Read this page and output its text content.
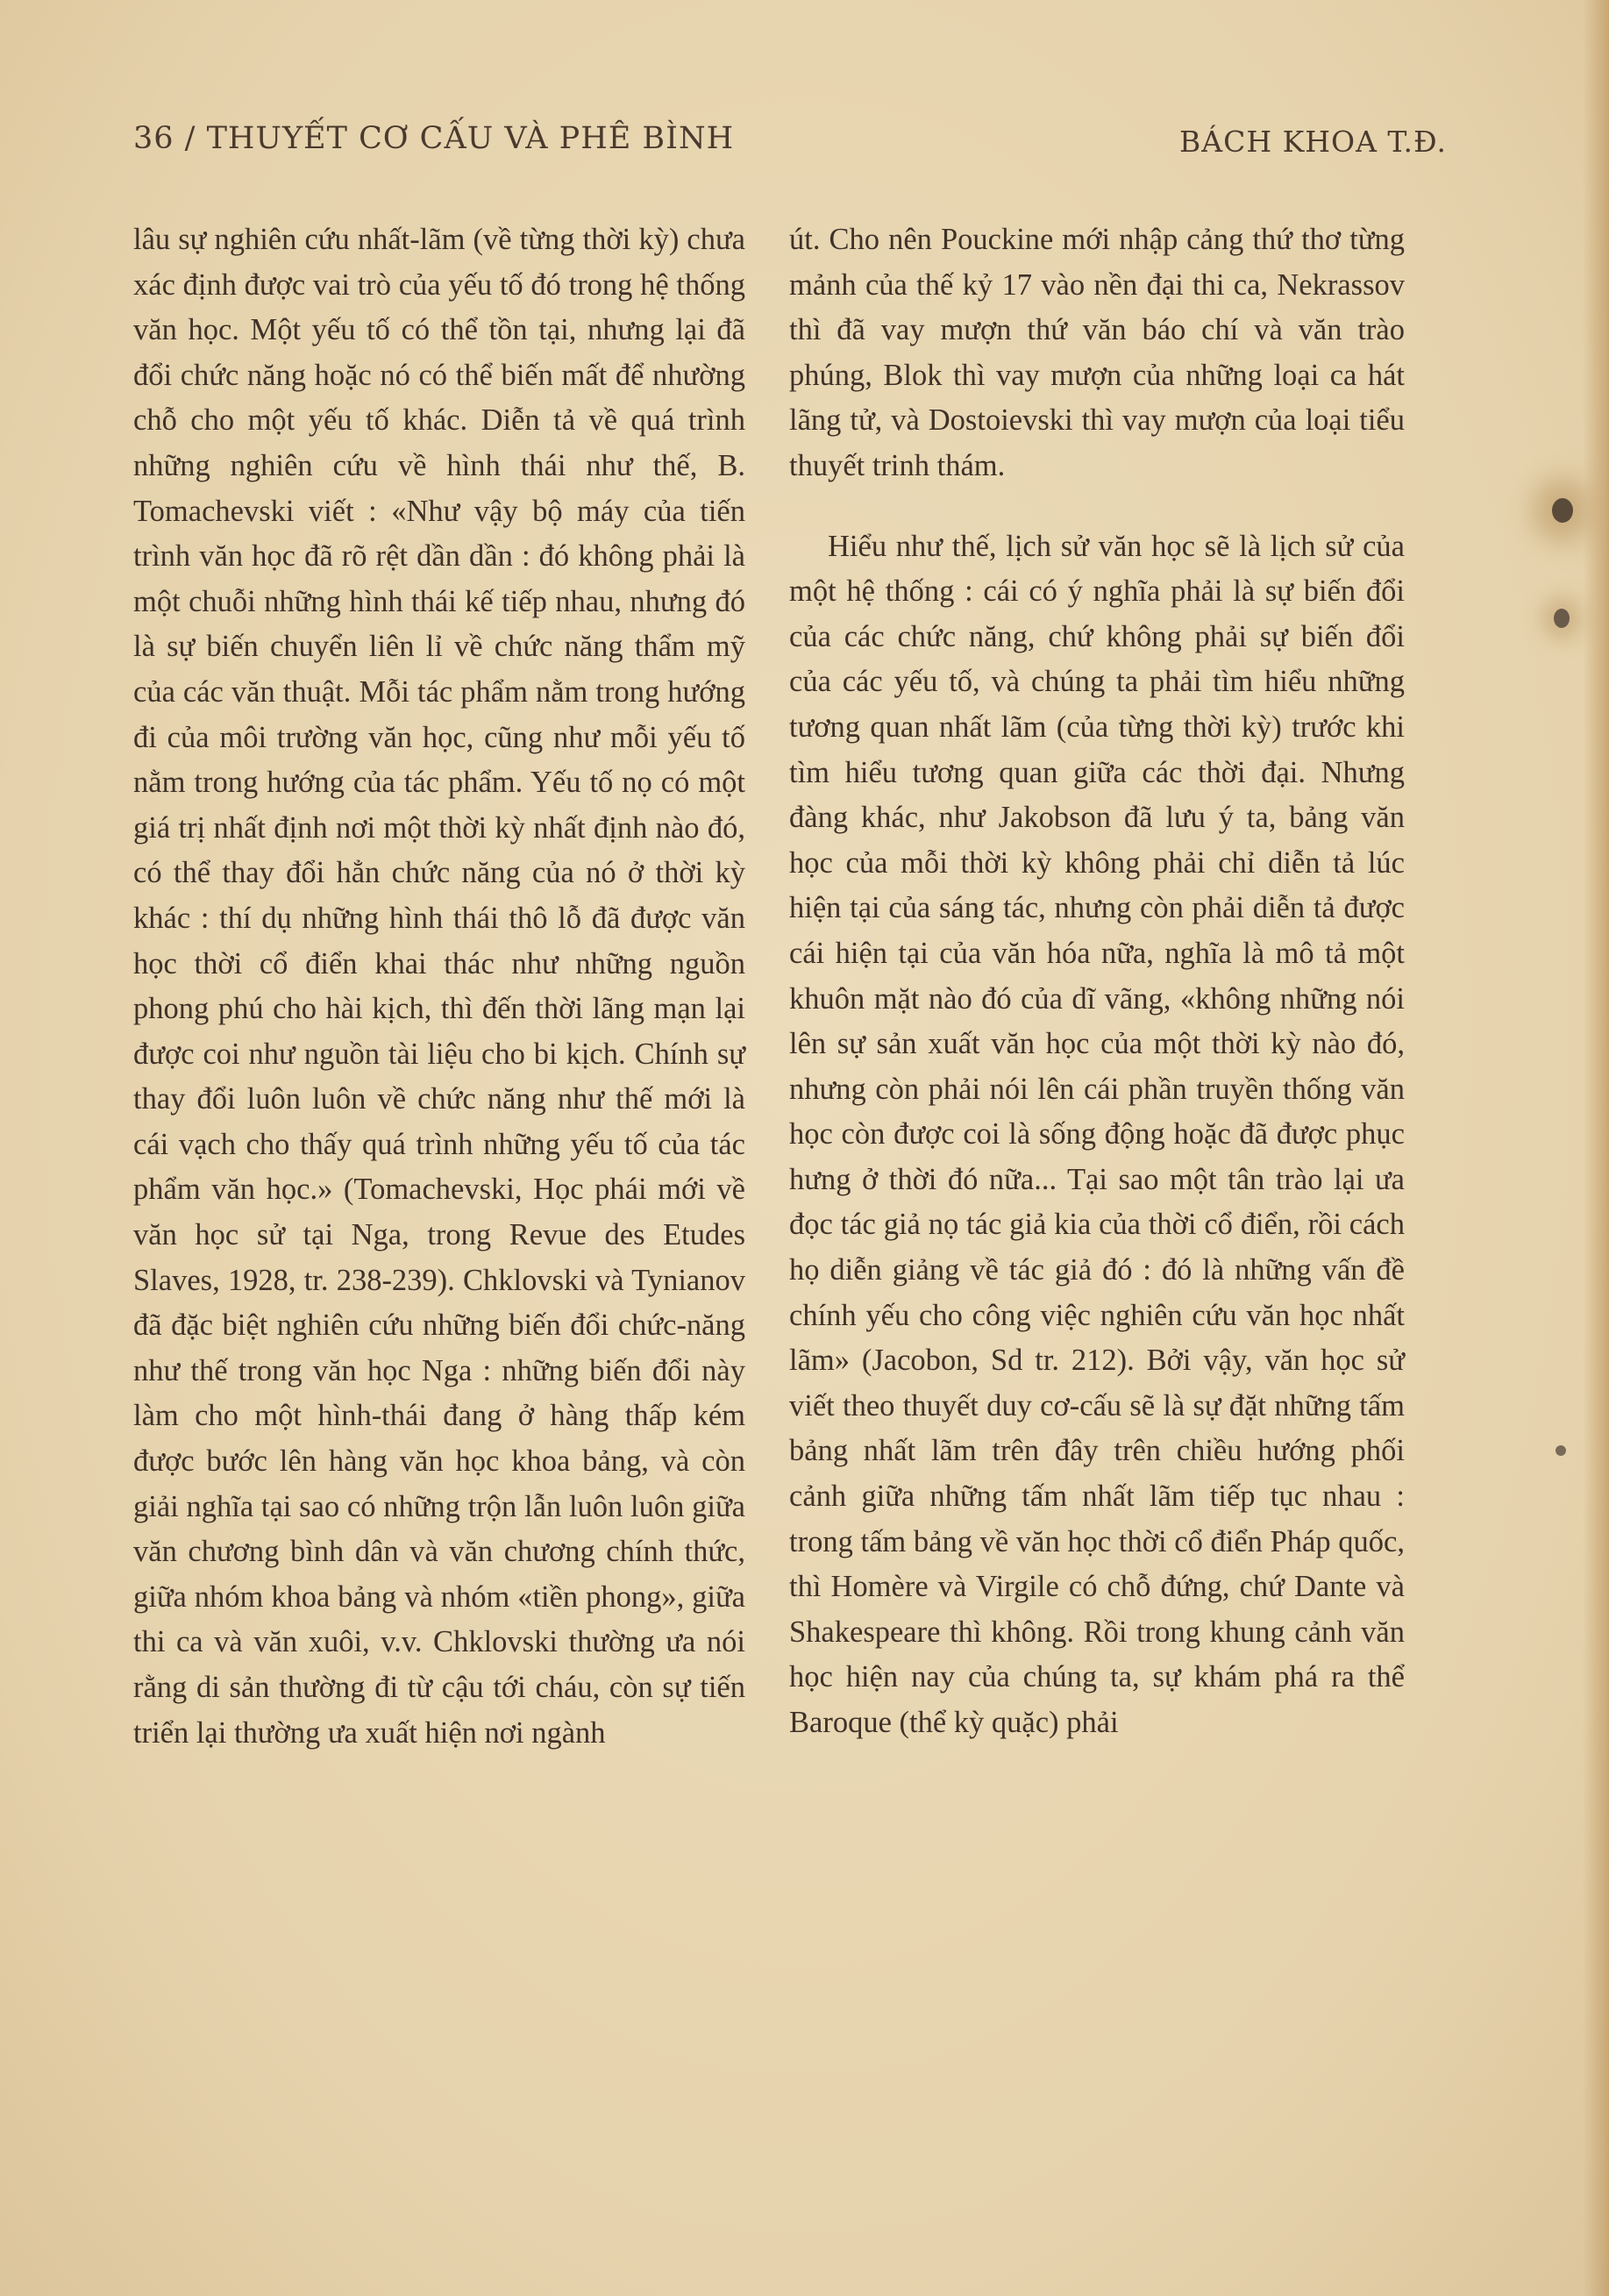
36 / THUYẾT CƠ CẤU VÀ PHÊ BÌNH	BÁCH KHOA T.Đ.

lâu sự nghiên cứu nhất-lãm (về từng thời kỳ) chưa xác định được vai trò của yếu tố đó trong hệ thống văn học. Một yếu tố có thể tồn tại, nhưng lại đã đổi chức năng hoặc nó có thể biến mất để nhường chỗ cho một yếu tố khác. Diễn tả về quá trình những nghiên cứu về hình thái như thế, B. Tomachevski viết : «Như vậy bộ máy của tiến trình văn học đã rõ rệt dần dần : đó không phải là một chuỗi những hình thái kế tiếp nhau, nhưng đó là sự biến chuyển liên lỉ về chức năng thẩm mỹ của các văn thuật. Mỗi tác phẩm nằm trong hướng đi của môi trường văn học, cũng như mỗi yếu tố nằm trong hướng của tác phẩm. Yếu tố nọ có một giá trị nhất định nơi một thời kỳ nhất định nào đó, có thể thay đổi hẳn chức năng của nó ở thời kỳ khác : thí dụ những hình thái thô lỗ đã được văn học thời cổ điển khai thác như những nguồn phong phú cho hài kịch, thì đến thời lãng mạn lại được coi như nguồn tài liệu cho bi kịch. Chính sự thay đổi luôn luôn về chức năng như thế mới là cái vạch cho thấy quá trình những yếu tố của tác phẩm văn học.» (Tomachevski, Học phái mới về văn học sử tại Nga, trong Revue des Etudes Slaves, 1928, tr. 238-239). Chklovski và Tynianov đã đặc biệt nghiên cứu những biến đổi chức-năng như thế trong văn học Nga : những biến đổi này làm cho một hình-thái đang ở hàng thấp kém được bước lên hàng văn học khoa bảng, và còn giải nghĩa tại sao có những trộn lẫn luôn luôn giữa văn chương bình dân và văn chương chính thức, giữa nhóm khoa bảng và nhóm «tiền phong», giữa thi ca và văn xuôi, v.v. Chklovski thường ưa nói rằng di sản thường đi từ cậu tới cháu, còn sự tiến triển lại thường ưa xuất hiện nơi ngành

út. Cho nên Pouckine mới nhập cảng thứ thơ từng mảnh của thế kỷ 17 vào nền đại thi ca, Nekrassov thì đã vay mượn thứ văn báo chí và văn trào phúng, Blok thì vay mượn của những loại ca hát lãng tử, và Dostoievski thì vay mượn của loại tiểu thuyết trinh thám.

Hiểu như thế, lịch sử văn học sẽ là lịch sử của một hệ thống : cái có ý nghĩa phải là sự biến đổi của các chức năng, chứ không phải sự biến đổi của các yếu tố, và chúng ta phải tìm hiểu những tương quan nhất lãm (của từng thời kỳ) trước khi tìm hiểu tương quan giữa các thời đại. Nhưng đàng khác, như Jakobson đã lưu ý ta, bảng văn học của mỗi thời kỳ không phải chỉ diễn tả lúc hiện tại của sáng tác, nhưng còn phải diễn tả được cái hiện tại của văn hóa nữa, nghĩa là mô tả một khuôn mặt nào đó của dĩ vãng, «không những nói lên sự sản xuất văn học của một thời kỳ nào đó, nhưng còn phải nói lên cái phần truyền thống văn học còn được coi là sống động hoặc đã được phục hưng ở thời đó nữa... Tại sao một tân trào lại ưa đọc tác giả nọ tác giả kia của thời cổ điển, rồi cách họ diễn giảng về tác giả đó : đó là những vấn đề chính yếu cho công việc nghiên cứu văn học nhất lãm» (Jacobon, Sd tr. 212). Bởi vậy, văn học sử viết theo thuyết duy cơ-cấu sẽ là sự đặt những tấm bảng nhất lãm trên đây trên chiều hướng phối cảnh giữa những tấm nhất lãm tiếp tục nhau : trong tấm bảng về văn học thời cổ điển Pháp quốc, thì Homère và Virgile có chỗ đứng, chứ Dante và Shakespeare thì không. Rồi trong khung cảnh văn học hiện nay của chúng ta, sự khám phá ra thể Baroque (thể kỳ quặc) phải
